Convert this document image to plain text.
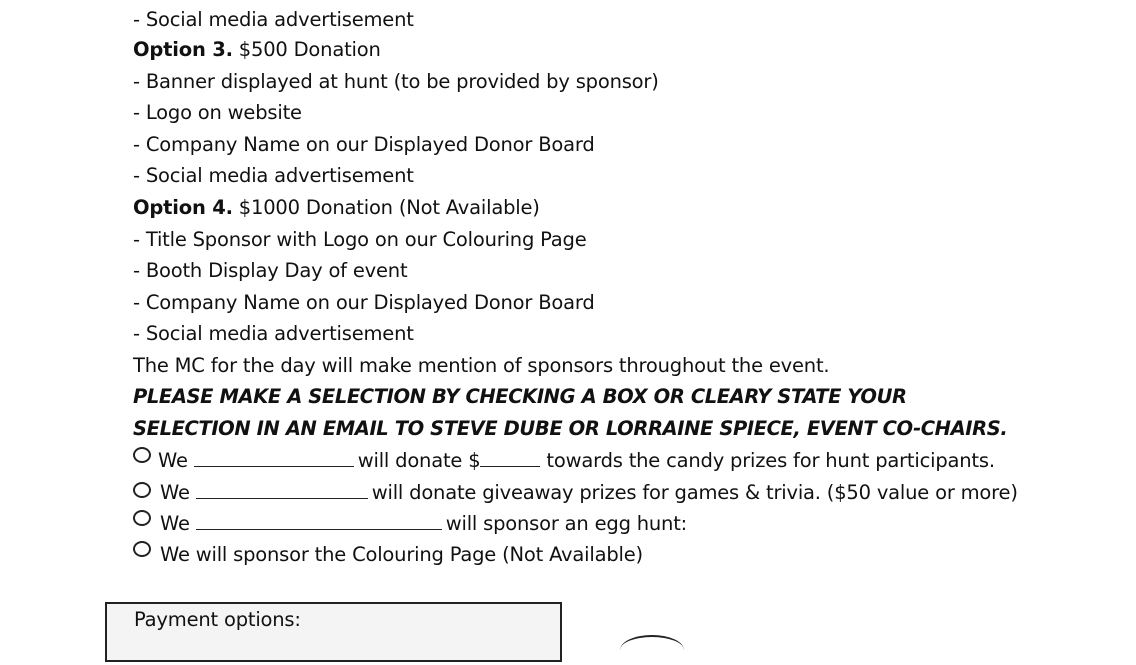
- Social media advertisement
Option 3. $500 Donation
- Banner displayed at hunt (to be provided by sponsor)
- Logo on website
- Company Name on our Displayed Donor Board
- Social media advertisement
Option 4. $1000 Donation (Not Available)
- Title Sponsor with Logo on our Colouring Page
- Booth Display Day of event
- Company Name on our Displayed Donor Board
- Social media advertisement
The MC for the day will make mention of sponsors throughout the event.
PLEASE MAKE A SELECTION BY CHECKING A BOX OR CLEARY STATE YOUR
SELECTION IN AN EMAIL TO STEVE DUBE OR LORRAINE SPIECE, EVENT CO-CHAIRS.
We	will donate $	towards the candy prizes for hunt participants.
We	will donate giveaway prizes for games & trivia. ($50 value or more)
We	will sponsor an egg hunt:
We will sponsor the Colouring Page (Not Available)
Payment options:
